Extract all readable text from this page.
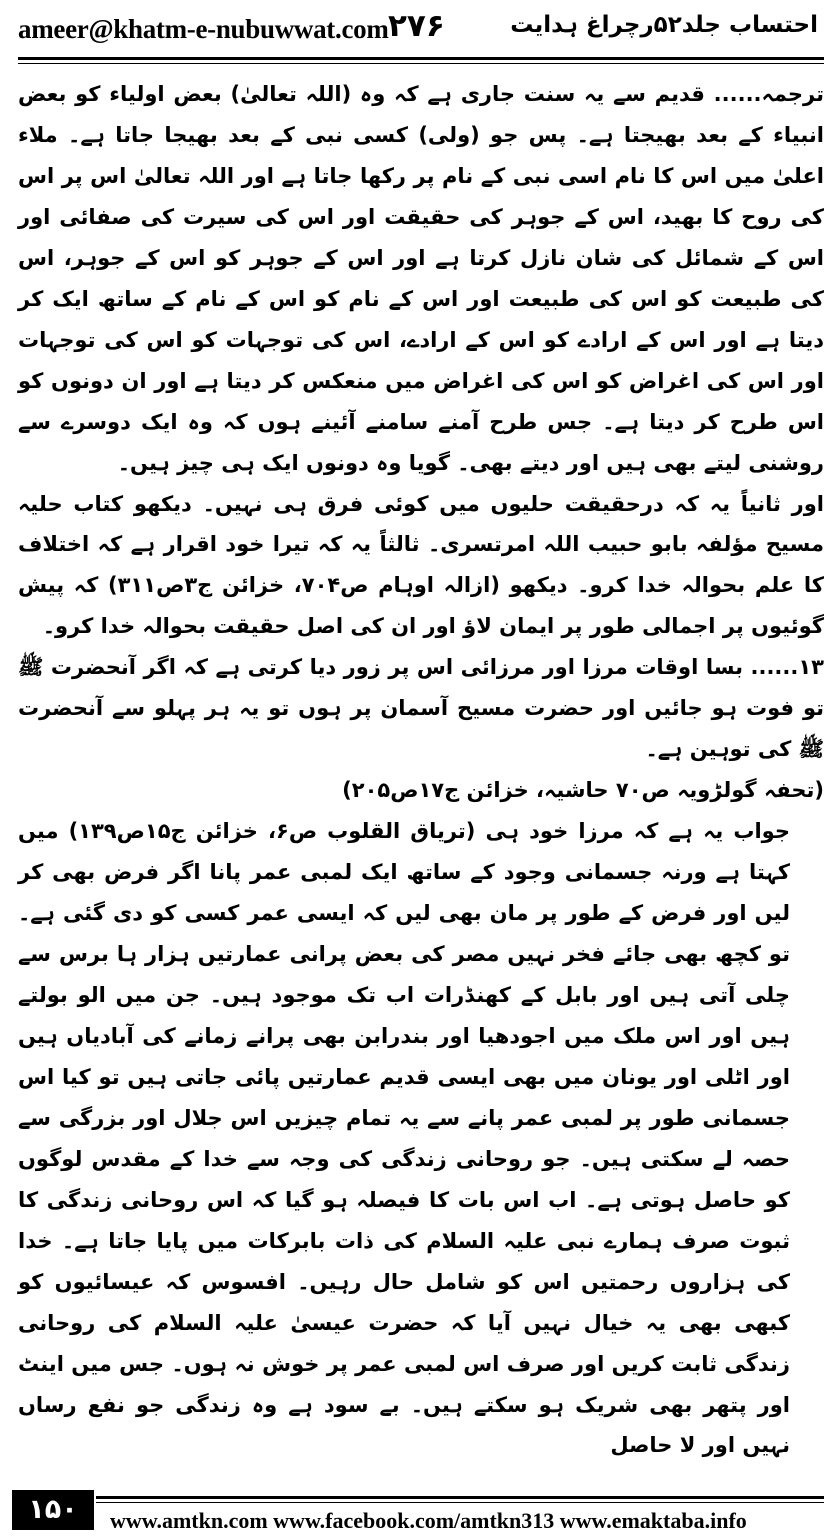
ameer@khatm-e-nubuwwat.com ۲۷۶	احتساب جلد۵۲رچراغ ہدایت

ترجمہ...... قدیم سے یہ سنت جاری ہے کہ وہ (اللہ تعالیٰ) بعض اولیاء کو بعض انبیاء کے بعد بھیجتا ہے۔ پس جو (ولی) کسی نبی کے بعد بھیجا جاتا ہے۔ ملاء اعلیٰ میں اس کا نام اسی نبی کے نام پر رکھا جاتا ہے اور اللہ تعالیٰ اس پر اس کی روح کا بھید، اس کے جوہر کی حقیقت اور اس کی سیرت کی صفائی اور اس کے شمائل کی شان نازل کرتا ہے اور اس کے جوہر کو اس کے جوہر، اس کی طبیعت کو اس کی طبیعت اور اس کے نام کو اس کے نام کے ساتھ ایک کر دیتا ہے اور اس کے ارادے کو اس کے ارادے، اس کی توجہات کو اس کی توجہات اور اس کی اغراض کو اس کی اغراض میں منعکس کر دیتا ہے اور ان دونوں کو اس طرح کر دیتا ہے۔ جس طرح آمنے سامنے آئینے ہوں کہ وہ ایک دوسرے سے روشنی لیتے بھی ہیں اور دیتے بھی۔ گویا وہ دونوں ایک ہی چیز ہیں۔

اور ثانیاً یہ کہ درحقیقت حلیوں میں کوئی فرق ہی نہیں۔ دیکھو کتاب حلیہ مسیح مؤلفہ بابو حبیب اللہ امرتسری۔ ثالثاً یہ کہ تیرا خود اقرار ہے کہ اختلاف کا علم بحوالہ خدا کرو۔ دیکھو (ازالہ اوہام ص۷۰۴، خزائن ج۳ص۳۱۱) کہ پیش گوئیوں پر اجمالی طور پر ایمان لاؤ اور ان کی اصل حقیقت بحوالہ خدا کرو۔

۱۳...... بسا اوقات مرزا اور مرزائی اس پر زور دیا کرتی ہے کہ اگر آنحضرت ﷺ تو فوت ہو جائیں اور حضرت مسیح آسمان پر ہوں تو یہ ہر پہلو سے آنحضرت ﷺ کی توہین ہے۔

(تحفہ گولڑویہ ص۷۰ حاشیہ، خزائن ج۱۷ص۲۰۵)

جواب یہ ہے کہ مرزا خود ہی (تریاق القلوب ص۶، خزائن ج۱۵ص۱۳۹) میں کہتا ہے ورنہ جسمانی وجود کے ساتھ ایک لمبی عمر پانا اگر فرض بھی کر لیں اور فرض کے طور پر مان بھی لیں کہ ایسی عمر کسی کو دی گئی ہے۔ تو کچھ بھی جائے فخر نہیں مصر کی بعض پرانی عمارتیں ہزار ہا برس سے چلی آتی ہیں اور بابل کے کھنڈرات اب تک موجود ہیں۔ جن میں الو بولتے ہیں اور اس ملک میں اجودھیا اور بندرابن بھی پرانے زمانے کی آبادیاں ہیں اور اٹلی اور یونان میں بھی ایسی قدیم عمارتیں پائی جاتی ہیں تو کیا اس جسمانی طور پر لمبی عمر پانے سے یہ تمام چیزیں اس جلال اور بزرگی سے حصہ لے سکتی ہیں۔ جو روحانی زندگی کی وجہ سے خدا کے مقدس لوگوں کو حاصل ہوتی ہے۔ اب اس بات کا فیصلہ ہو گیا کہ اس روحانی زندگی کا ثبوت صرف ہمارے نبی علیہ السلام کی ذات بابرکات میں پایا جاتا ہے۔ خدا کی ہزاروں رحمتیں اس کو شامل حال رہیں۔ افسوس کہ عیسائیوں کو کبھی بھی یہ خیال نہیں آیا کہ حضرت عیسیٰ علیہ السلام کی روحانی زندگی ثابت کریں اور صرف اس لمبی عمر پر خوش نہ ہوں۔ جس میں اینٹ اور پتھر بھی شریک ہو سکتے ہیں۔ بے سود ہے وہ زندگی جو نفع رساں نہیں اور لا حاصل

۱۵۰	www.amtkn.com www.facebook.com/amtkn313 www.emaktaba.info
